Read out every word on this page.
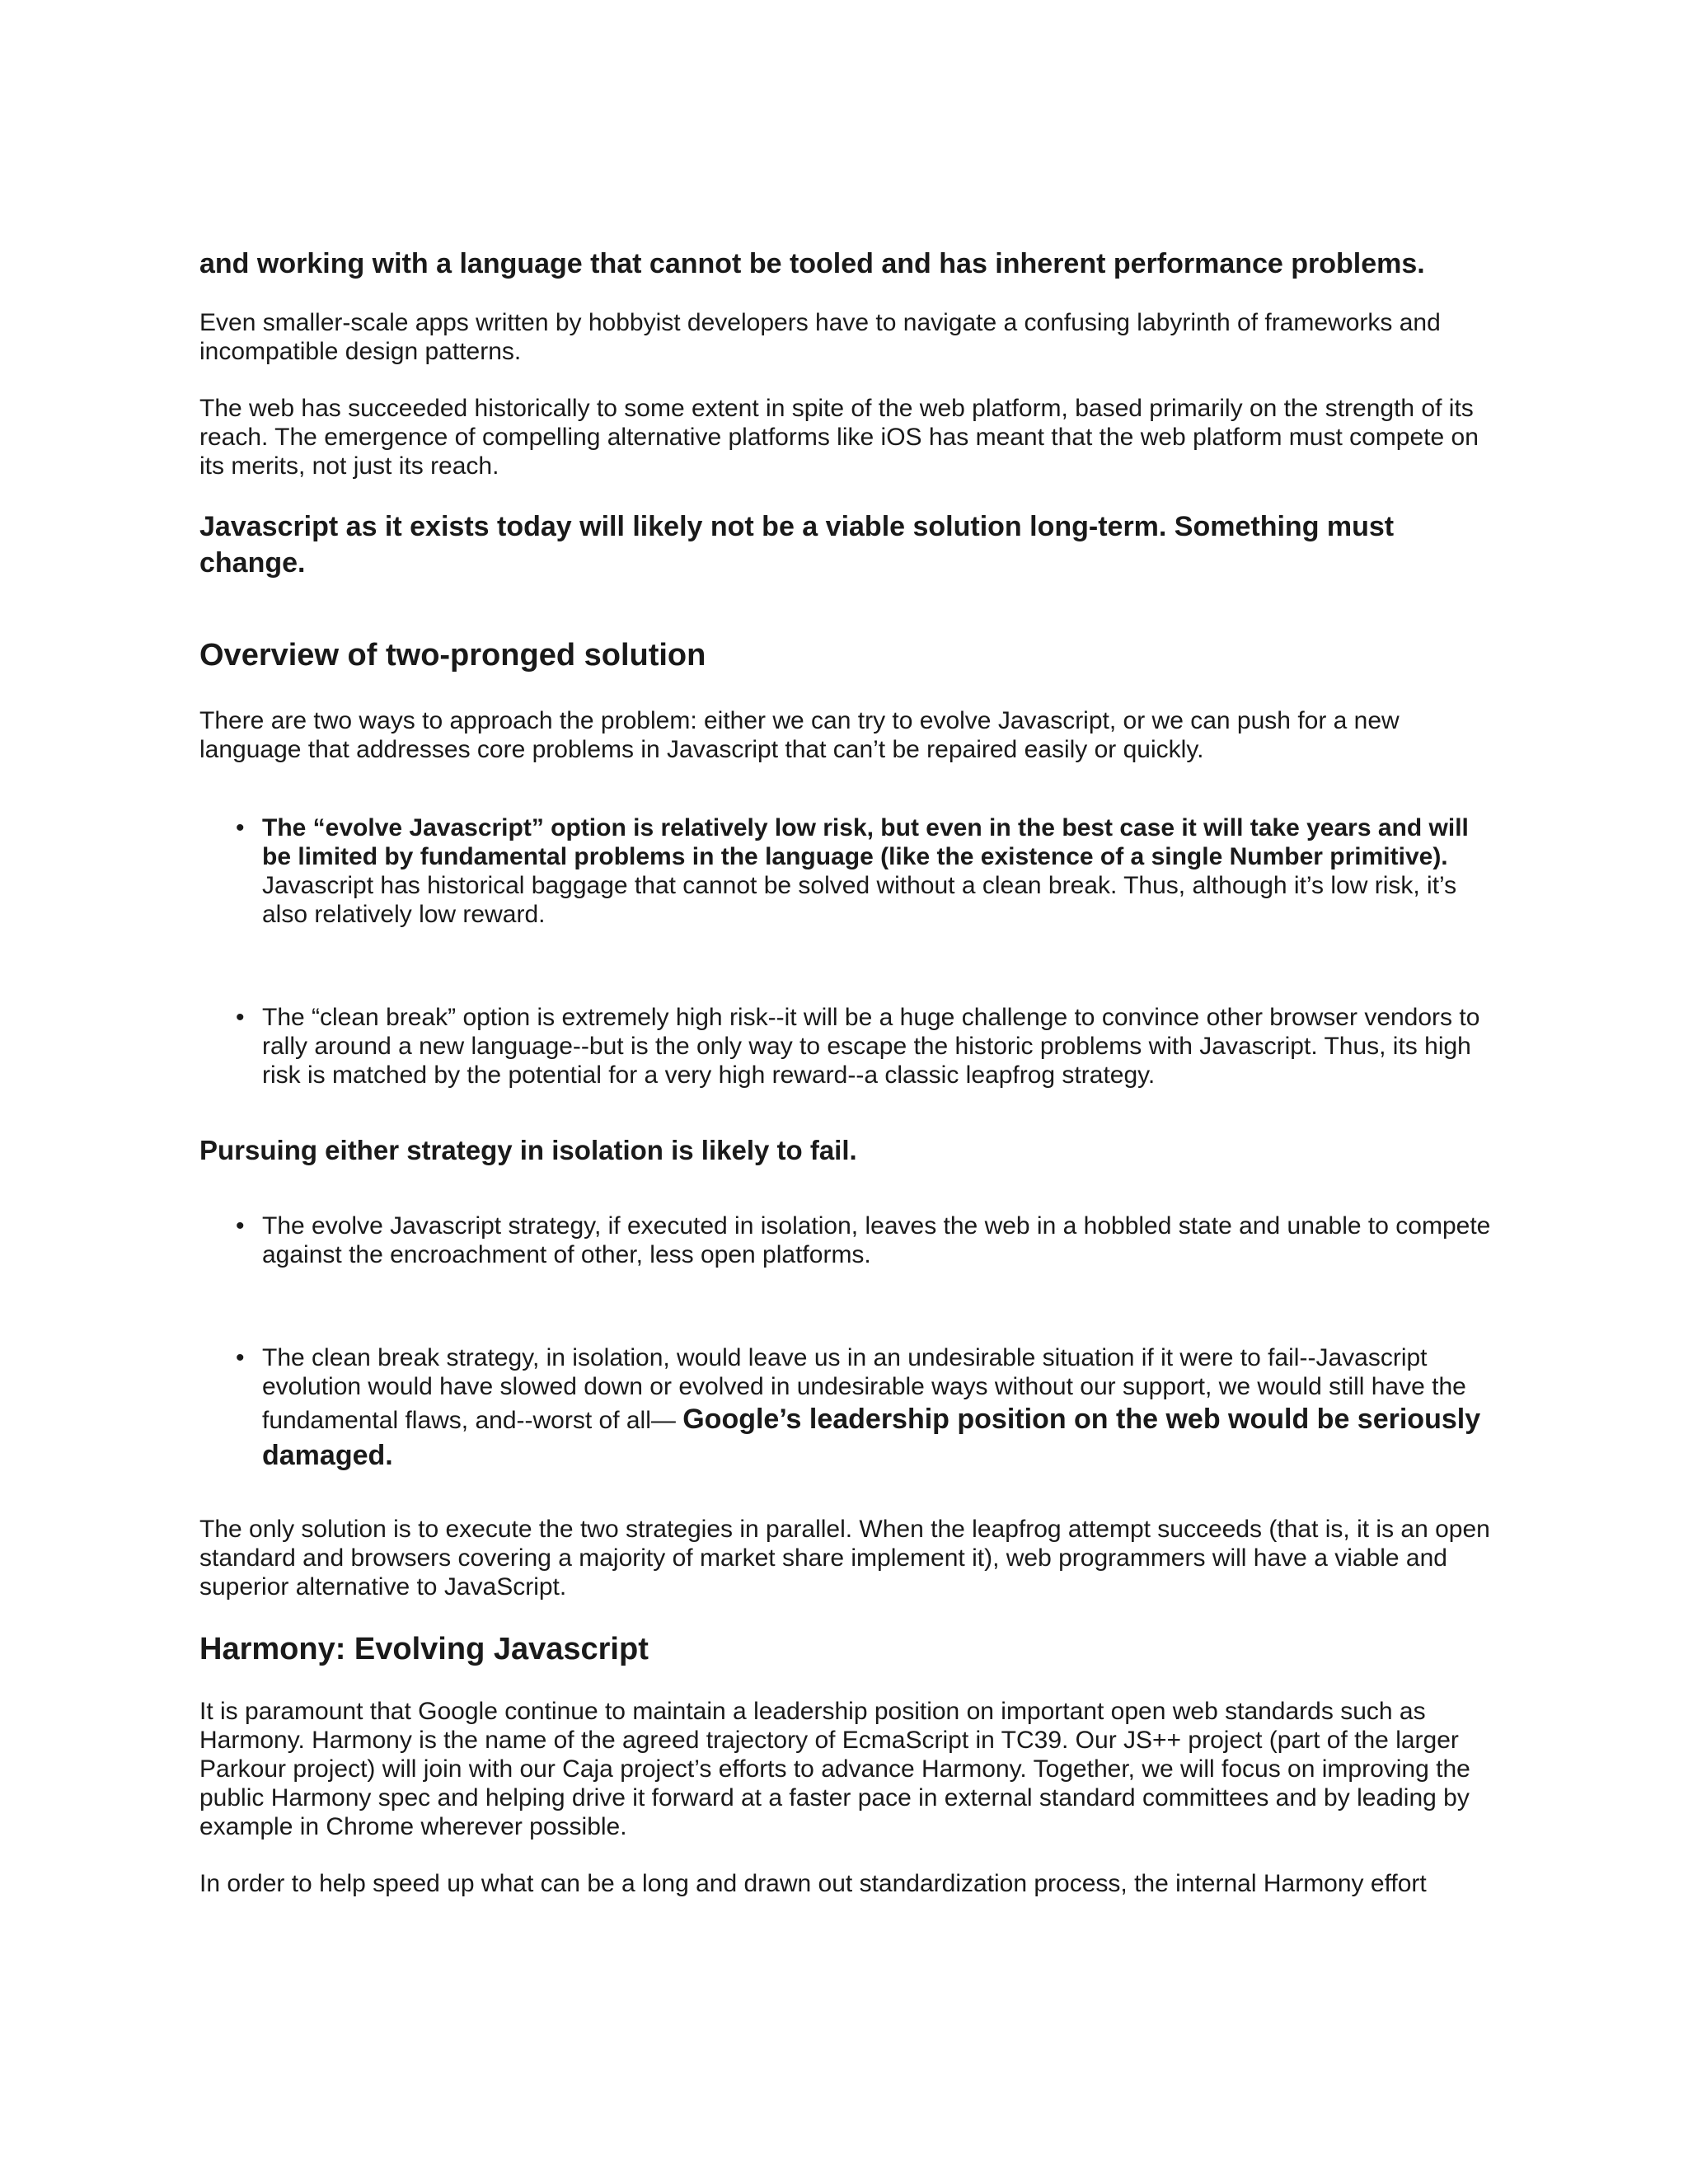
and working with a language that cannot be tooled and has inherent performance problems.

Even smaller-scale apps written by hobbyist developers have to navigate a confusing labyrinth of frameworks and incompatible design patterns.

The web has succeeded historically to some extent in spite of the web platform, based primarily on the strength of its reach. The emergence of compelling alternative platforms like iOS has meant that the web platform must compete on its merits, not just its reach.

Javascript as it exists today will likely not be a viable solution long-term. Something must change.

Overview of two-pronged solution

There are two ways to approach the problem: either we can try to evolve Javascript, or we can push for a new language that addresses core problems in Javascript that can’t be repaired easily or quickly.

• The “evolve Javascript” option is relatively low risk, but even in the best case it will take years and will be limited by fundamental problems in the language (like the existence of a single Number primitive). Javascript has historical baggage that cannot be solved without a clean break. Thus, although it’s low risk, it’s also relatively low reward.
• The “clean break” option is extremely high risk--it will be a huge challenge to convince other browser vendors to rally around a new language--but is the only way to escape the historic problems with Javascript. Thus, its high risk is matched by the potential for a very high reward--a classic leapfrog strategy.
Pursuing either strategy in isolation is likely to fail.
• The evolve Javascript strategy, if executed in isolation, leaves the web in a hobbled state and unable to compete against the encroachment of other, less open platforms.
• The clean break strategy, in isolation, would leave us in an undesirable situation if it were to fail--Javascript evolution would have slowed down or evolved in undesirable ways without our support, we would still have the fundamental flaws, and--worst of all— Google’s leadership position on the web would be seriously damaged.

The only solution is to execute the two strategies in parallel. When the leapfrog attempt succeeds (that is, it is an open standard and browsers covering a majority of market share implement it), web programmers will have a viable and superior alternative to JavaScript.

Harmony: Evolving Javascript

It is paramount that Google continue to maintain a leadership position on important open web standards such as Harmony. Harmony is the name of the agreed trajectory of EcmaScript in TC39. Our JS++ project (part of the larger Parkour project) will join with our Caja project’s efforts to advance Harmony. Together, we will focus on improving the public Harmony spec and helping drive it forward at a faster pace in external standard committees and by leading by example in Chrome wherever possible.

In order to help speed up what can be a long and drawn out standardization process, the internal Harmony effort
